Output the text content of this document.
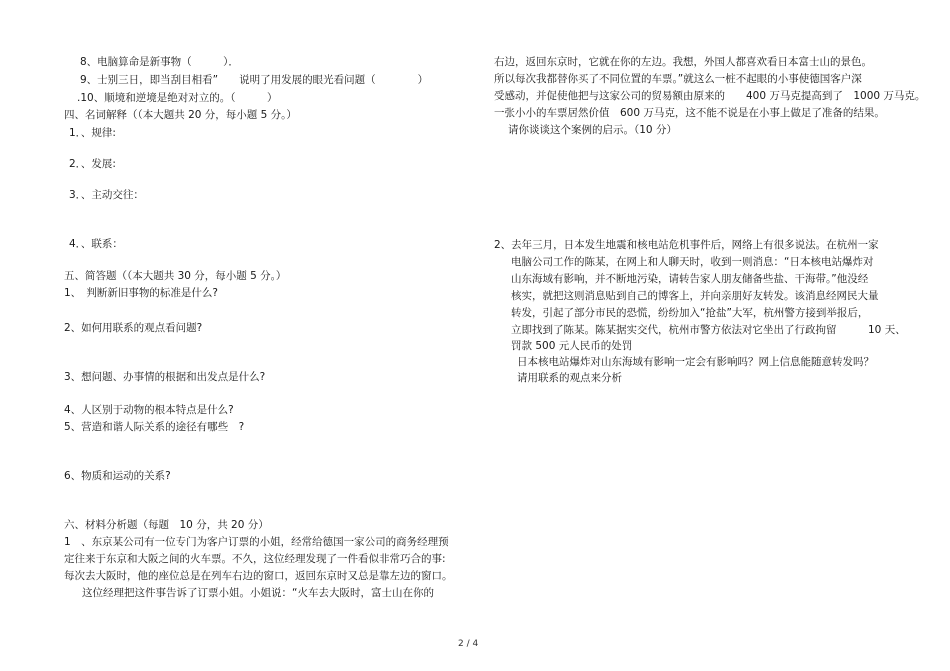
8、电脑算命是新事物（　　　）．
9、士别三日，即当刮目相看”　　说明了用发展的眼光看问题（　　　　）
.10、顺境和逆境是绝对对立的。（　　　）
四、名词解释（（本大题共 20 分，每小题 5 分。）
1．、规律:
2．、发展:
3．、主动交往：
4．、联系：
五、简答题（（本大题共 30 分，每小题 5 分。）
1、　判断新旧事物的标准是什么?
2、如何用联系的观点看问题?
3、想问题、办事情的根据和出发点是什么?
4、人区别于动物的根本特点是什么?
5、营造和谐人际关系的途径有哪些　?
6、物质和运动的关系?
六、材料分析题（每题　10 分，共 20 分）
1　、东京某公司有一位专门为客户订票的小姐，经常给德国一家公司的商务经理预
定往来于东京和大阪之间的火车票。不久，这位经理发现了一件看似非常巧合的事:
每次去大阪时，他的座位总是在列车右边的窗口，返回东京时又总是靠左边的窗口。
这位经理把这件事告诉了订票小姐。小姐说：“火车去大阪时，富士山在你的
右边，返回东京时，它就在你的左边。我想，外国人都喜欢看日本富士山的景色。
所以每次我都替你买了不同位置的车票。”就这么一桩不起眼的小事使德国客户深
受感动，并促使他把与这家公司的贸易额由原来的　　400 万马克提高到了　1000 万马克。
一张小小的车票居然价值　600 万马克，这不能不说是在小事上做足了准备的结果。
请你谈谈这个案例的启示。（10 分）
2、去年三月，日本发生地震和核电站危机事件后，网络上有很多说法。在杭州一家
电脑公司工作的陈某，在网上和人聊天时，收到一则消息：“日本核电站爆炸对
山东海域有影响，并不断地污染，请转告家人朋友储备些盐、干海带。”他没经
核实，就把这则消息贴到自己的博客上，并向亲朋好友转发。该消息经网民大量
转发，引起了部分市民的恐慌，纷纷加入“抢盐”大军，杭州警方接到举报后，
立即找到了陈某。陈某据实交代，杭州市警方依法对它坐出了行政拘留　　　10 天、
罚款 500 元人民币的处罚
日本核电站爆炸对山东海域有影响一定会有影响吗？网上信息能随意转发吗？
请用联系的观点来分析
2 / 4
